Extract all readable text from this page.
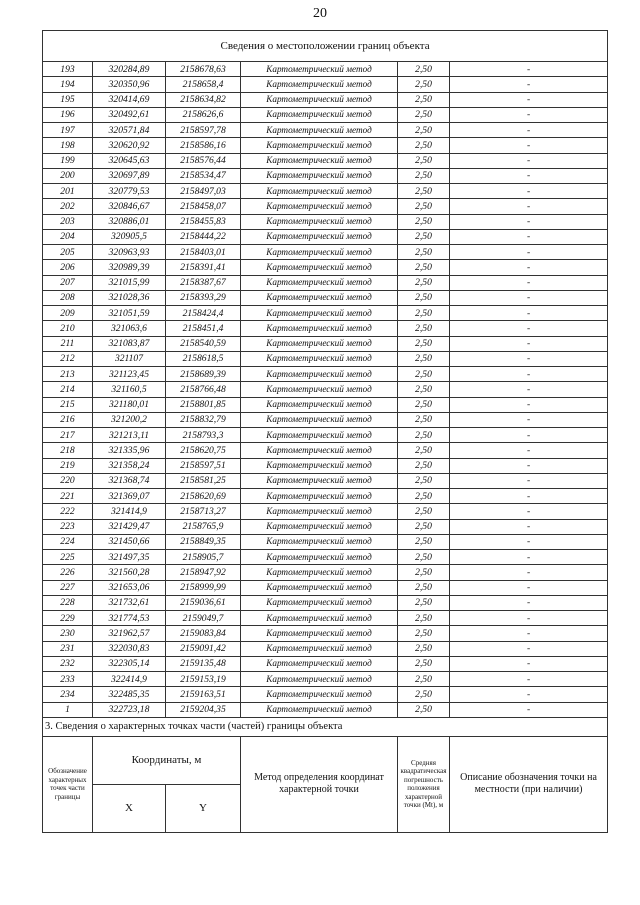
20
Сведения о местоположении границ объекта					
193	320284,89	2158678,63	Картометрический метод	2,50	-
194	320350,96	2158658,4	Картометрический метод	2,50	-
195	320414,69	2158634,82	Картометрический метод	2,50	-
196	320492,61	2158626,6	Картометрический метод	2,50	-
197	320571,84	2158597,78	Картометрический метод	2,50	-
198	320620,92	2158586,16	Картометрический метод	2,50	-
199	320645,63	2158576,44	Картометрический метод	2,50	-
200	320697,89	2158534,47	Картометрический метод	2,50	-
201	320779,53	2158497,03	Картометрический метод	2,50	-
202	320846,67	2158458,07	Картометрический метод	2,50	-
203	320886,01	2158455,83	Картометрический метод	2,50	-
204	320905,5	2158444,22	Картометрический метод	2,50	-
205	320963,93	2158403,01	Картометрический метод	2,50	-
206	320989,39	2158391,41	Картометрический метод	2,50	-
207	321015,99	2158387,67	Картометрический метод	2,50	-
208	321028,36	2158393,29	Картометрический метод	2,50	-
209	321051,59	2158424,4	Картометрический метод	2,50	-
210	321063,6	2158451,4	Картометрический метод	2,50	-
211	321083,87	2158540,59	Картометрический метод	2,50	-
212	321107	2158618,5	Картометрический метод	2,50	-
213	321123,45	2158689,39	Картометрический метод	2,50	-
214	321160,5	2158766,48	Картометрический метод	2,50	-
215	321180,01	2158801,85	Картометрический метод	2,50	-
216	321200,2	2158832,79	Картометрический метод	2,50	-
217	321213,11	2158793,3	Картометрический метод	2,50	-
218	321335,96	2158620,75	Картометрический метод	2,50	-
219	321358,24	2158597,51	Картометрический метод	2,50	-
220	321368,74	2158581,25	Картометрический метод	2,50	-
221	321369,07	2158620,69	Картометрический метод	2,50	-
222	321414,9	2158713,27	Картометрический метод	2,50	-
223	321429,47	2158765,9	Картометрический метод	2,50	-
224	321450,66	2158849,35	Картометрический метод	2,50	-
225	321497,35	2158905,7	Картометрический метод	2,50	-
226	321560,28	2158947,92	Картометрический метод	2,50	-
227	321653,06	2158999,99	Картометрический метод	2,50	-
228	321732,61	2159036,61	Картометрический метод	2,50	-
229	321774,53	2159049,7	Картометрический метод	2,50	-
230	321962,57	2159083,84	Картометрический метод	2,50	-
231	322030,83	2159091,42	Картометрический метод	2,50	-
232	322305,14	2159135,48	Картометрический метод	2,50	-
233	322414,9	2159153,19	Картометрический метод	2,50	-
234	322485,35	2159163,51	Картометрический метод	2,50	-
1	322723,18	2159204,35	Картометрический метод	2,50	-
3. Сведения о характерных точках части (частей) границы объекта					
Обозначение характерных точек части границы	Координаты, м		Метод определения координат характерной точки	Средняя квадратическая погрешность положения характерной точки (Мt), м	Описание обозначения точки на местности (при наличии)
	X	Y			
